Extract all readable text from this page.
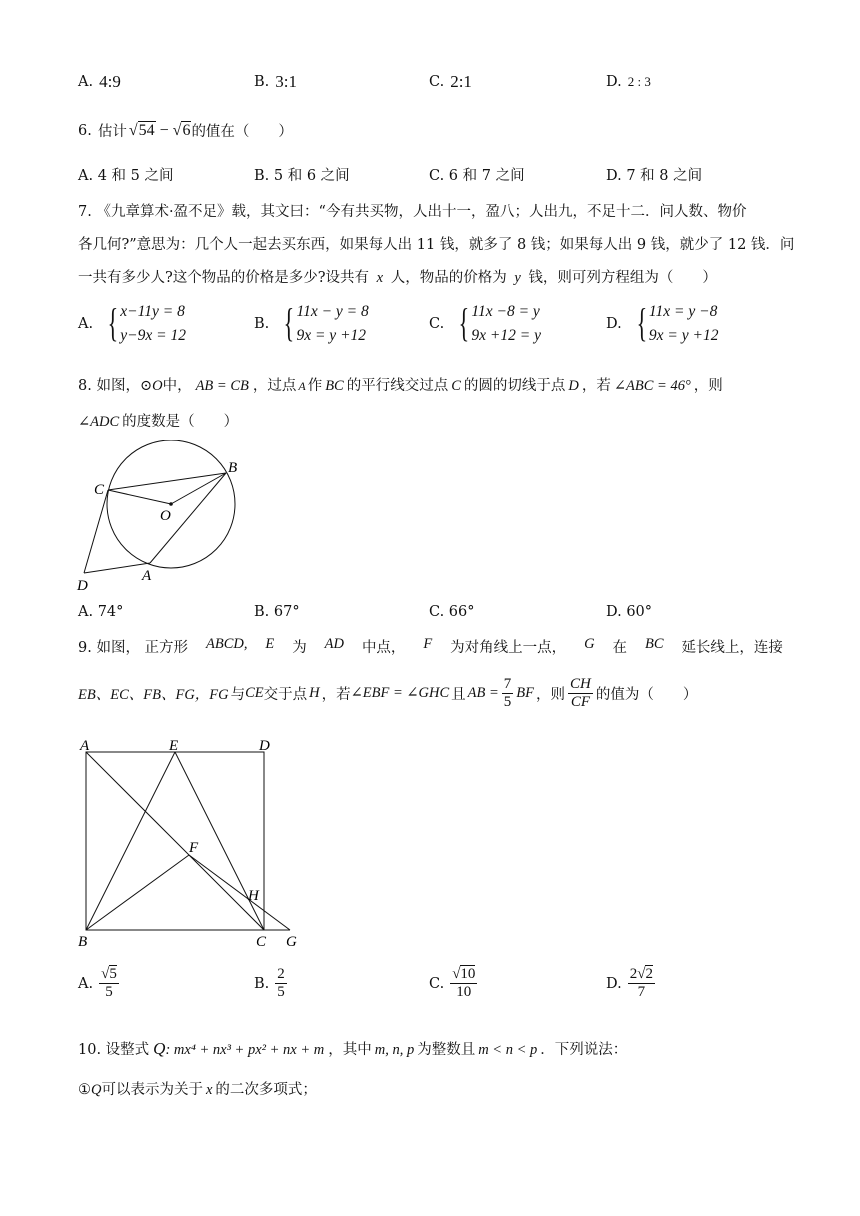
A. 4:9	B. 3:1	C. 2:1	D. 2 : 3
6. 估计 √54 − √6 的值在（　　）
A. 4 和 5 之间	B. 5 和 6 之间	C. 6 和 7 之间	D. 7 和 8 之间
7. 《九章算术·盈不足》载，其文曰：“今有共买物，人出十一，盈八；人出九，不足十二．问人数、物价
各几何?”意思为：几个人一起去买东西，如果每人出 11 钱，就多了 8 钱；如果每人出 9 钱，就少了 12 钱．问
一共有多少人?这个物品的价格是多少?设共有 x 人，物品的价格为 y 钱，则可列方程组为（　　）
A. { x−11y = 8
y−9x = 12
B. { 11x − y = 8
9x = y +12
C. { 11x −8 = y
9x +12 = y
D. { 11x = y −8
9x = y +12
8. 如图，⊙O中， AB = CB ，过点 A 作 BC 的平行线交过点 C 的圆的切线于点 D ，若 ∠ABC = 46° ，则
∠ADC 的度数是（　　）
B
C
O
A
D
A. 74°	B. 67°	C. 66°	D. 60°
9. 如图， 正方形 ABCD, E 为 AD 中点， F 为对角线上一点， G 在 BC 延长线上，连接
EB、EC、FB、FG，FG 与 CE 交于点 H ，若 ∠EBF = ∠GHC 且 AB = $\frac{7}{5}$ BF ，则 $\frac{CH}{CF}$ 的值为（　　）
A	E	D
F
H
B	C G
A. $\frac{√5}{5}$	B. $\frac{2}{5}$	C. $\frac{√10}{10}$	D. $\frac{2√2}{7}$
10. 设整式 Q: mx⁴ + nx³ + px² + nx + m ，其中 m, n, p 为整数且 m < n < p ．下列说法：
①Q可以表示为关于 x 的二次多项式；
